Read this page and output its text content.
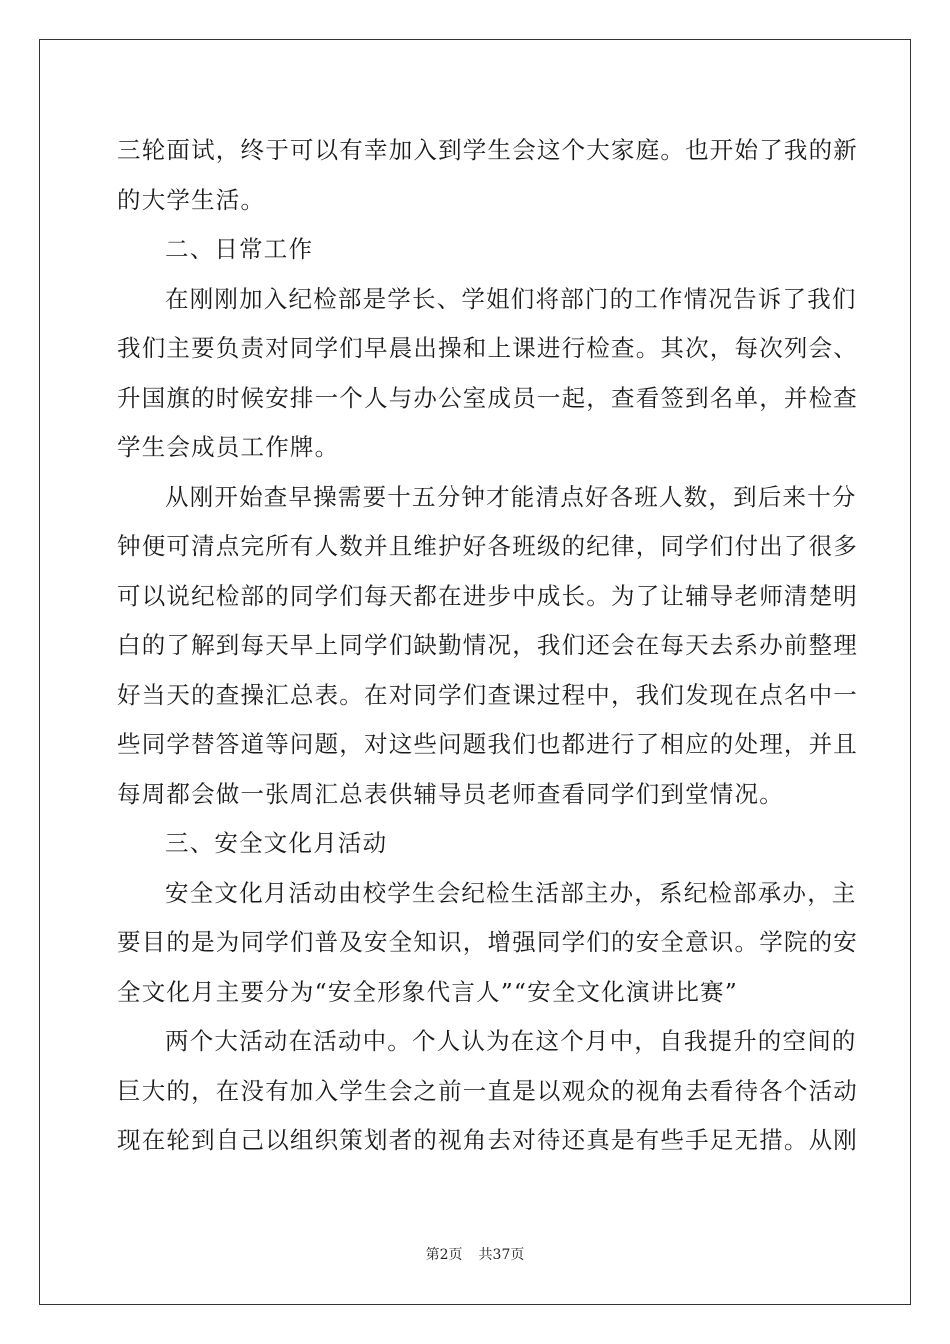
三轮面试，终于可以有幸加入到学生会这个大家庭。也开始了我的新
的大学生活。
二、日常工作
在刚刚加入纪检部是学长、学姐们将部门的工作情况告诉了我们
我们主要负责对同学们早晨出操和上课进行检查。其次，每次列会、
升国旗的时候安排一个人与办公室成员一起，查看签到名单，并检查
学生会成员工作牌。
从刚开始查早操需要十五分钟才能清点好各班人数，到后来十分
钟便可清点完所有人数并且维护好各班级的纪律，同学们付出了很多
可以说纪检部的同学们每天都在进步中成长。为了让辅导老师清楚明
白的了解到每天早上同学们缺勤情况，我们还会在每天去系办前整理
好当天的查操汇总表。在对同学们查课过程中，我们发现在点名中一
些同学替答道等问题，对这些问题我们也都进行了相应的处理，并且
每周都会做一张周汇总表供辅导员老师查看同学们到堂情况。
三、安全文化月活动
安全文化月活动由校学生会纪检生活部主办，系纪检部承办，主
要目的是为同学们普及安全知识，增强同学们的安全意识。学院的安
全文化月主要分为“安全形象代言人”“安全文化演讲比赛”
两个大活动在活动中。个人认为在这个月中，自我提升的空间的
巨大的，在没有加入学生会之前一直是以观众的视角去看待各个活动
现在轮到自己以组织策划者的视角去对待还真是有些手足无措。从刚
第2页 共37页
